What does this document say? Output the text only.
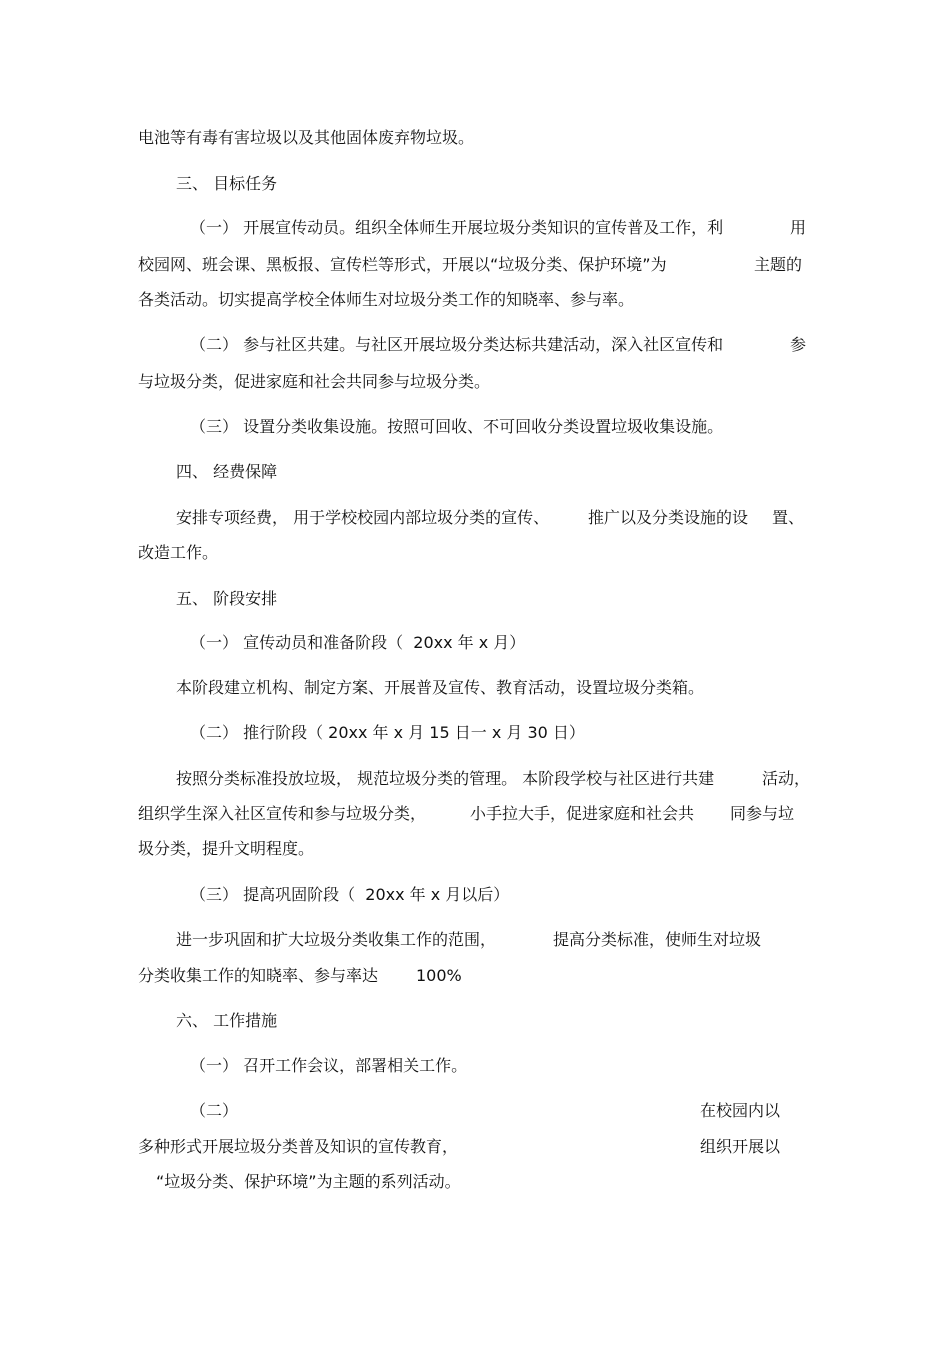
电池等有毒有害垃圾以及其他固体废弃物垃圾。
三、 目标任务
（一） 开展宣传动员。组织全体师生开展垃圾分类知识的宣传普及工作，利	用
校园网、班会课、黑板报、宣传栏等形式，开展以“垃圾分类、保护环境”为	主题的
各类活动。切实提高学校全体师生对垃圾分类工作的知晓率、参与率。
（二） 参与社区共建。与社区开展垃圾分类达标共建活动，深入社区宣传和	参
与垃圾分类，促进家庭和社会共同参与垃圾分类。
（三） 设置分类收集设施。按照可回收、不可回收分类设置垃圾收集设施。
四、 经费保障
安排专项经费， 用于学校校园内部垃圾分类的宣传、 推广以及分类设施的设 置、
改造工作。
五、 阶段安排
（一） 宣传动员和准备阶段（  20xx 年 x 月）
本阶段建立机构、制定方案、开展普及宣传、教育活动，设置垃圾分类箱。
（二） 推行阶段（ 20xx 年 x 月 15 日一 x 月 30 日）
按照分类标准投放垃圾， 规范垃圾分类的管理。 本阶段学校与社区进行共建	活动，
组织学生深入社区宣传和参与垃圾分类，	小手拉大手，促进家庭和社会共 同参与垃
圾分类，提升文明程度。
（三） 提高巩固阶段（  20xx 年 x 月以后）
进一步巩固和扩大垃圾分类收集工作的范围，	提高分类标准，使师生对垃圾
分类收集工作的知晓率、参与率达 100%
六、 工作措施
（一） 召开工作会议，部署相关工作。
（二）	在校园内以
多种形式开展垃圾分类普及知识的宣传教育，	组织开展以
“垃圾分类、保护环境”为主题的系列活动。
